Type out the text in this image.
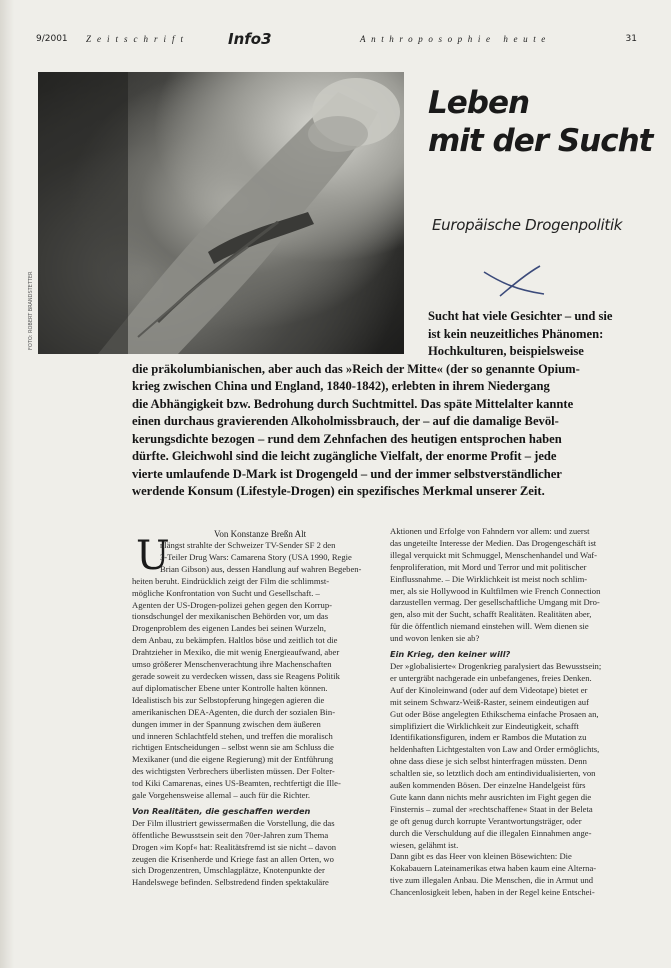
9/2001 Zeitschrift	Info3	Anthroposophie heute	31
FOTO: ROBERT BRANDSTETTER
Leben
mit der Sucht
Europäische Drogenpolitik
Sucht hat viele Gesichter – und sie
ist kein neuzeitliches Phänomen:
Hochkulturen, beispielsweise
die präkolumbianischen, aber auch das »Reich der Mitte« (der so genannte Opium-
krieg zwischen China und England, 1840-1842), erlebten in ihrem Niedergang
die Abhängigkeit bzw. Bedrohung durch Suchtmittel. Das späte Mittelalter kannte
einen durchaus gravierenden Alkoholmissbrauch, der – auf die damalige Bevöl-
kerungsdichte bezogen – rund dem Zehnfachen des heutigen entsprochen haben
dürfte. Gleichwohl sind die leicht zugängliche Vielfalt, der enorme Profit – jede
vierte umlaufende D-Mark ist Drogengeld – und der immer selbstverständlicher
werdende Konsum (Lifestyle-Drogen) ein spezifisches Merkmal unserer Zeit.
Von Konstanze Breßn Alt
U
nlängst strahlte der Schweizer TV-Sender SF 2 den
3-Teiler Drug Wars: Camarena Story (USA 1990, Regie
Brian Gibson) aus, dessen Handlung auf wahren Begeben-
heiten beruht. Eindrücklich zeigt der Film die schlimmst-
mögliche Konfrontation von Sucht und Gesellschaft. –
Agenten der US-Drogen-polizei gehen gegen den Korrup-
tionsdschungel der mexikanischen Behörden vor, um das
Drogenproblem des eigenen Landes bei seinen Wurzeln,
dem Anbau, zu bekämpfen. Haltlos böse und zeitlich tot die
Drahtzieher in Mexiko, die mit wenig Energieaufwand, aber
umso größerer Menschenverachtung ihre Machenschaften
gerade soweit zu verdecken wissen, dass sie Reagens Politik
auf diplomatischer Ebene unter Kontrolle halten können.
Idealistisch bis zur Selbstopferung hingegen agieren die
amerikanischen DEA-Agenten, die durch der sozialen Bin-
dungen immer in der Spannung zwischen dem äußeren
und inneren Schlachtfeld stehen, und treffen die moralisch
richtigen Entscheidungen – selbst wenn sie am Schluss die
Mexikaner (und die eigene Regierung) mit der Entführung
des wichtigsten Verbrechers überlisten müssen. Der Folter-
tod Kiki Camarenas, eines US-Beamten, rechtfertigt die Ille-
gale Vorgehensweise allemal – auch für die Richter.

Von Realitäten, die geschaffen werden

Der Film illustriert gewissermaßen die Vorstellung, die das
öffentliche Bewusstsein seit den 70er-Jahren zum Thema
Drogen »im Kopf« hat: Realitätsfremd ist sie nicht – davon
zeugen die Krisenherde und Kriege fast an allen Orten, wo
sich Drogenzentren, Umschlagplätze, Knotenpunkte der
Handelswege befinden. Selbstredend finden spektakuläre
Aktionen und Erfolge von Fahndern vor allem: und zuerst
das ungeteilte Interesse der Medien. Das Drogengeschäft ist
illegal verquickt mit Schmuggel, Menschenhandel und Waf-
fenproliferation, mit Mord und Terror und mit politischer
Einflussnahme. – Die Wirklichkeit ist meist noch schlim-
mer, als sie Hollywood in Kultfilmen wie French Connection
darzustellen vermag. Der gesellschaftliche Umgang mit Dro-
gen, also mit der Sucht, schafft Realitäten. Realitäten aber,
für die öffentlich niemand einstehen will. Wem dienen sie
und wovon lenken sie ab?

Ein Krieg, den keiner will?

Der »globalisierte« Drogenkrieg paralysiert das Bewusstsein;
er untergräbt nachgerade ein unbefangenes, freies Denken.
Auf der Kinoleinwand (oder auf dem Videotape) bietet er
mit seinem Schwarz-Weiß-Raster, seinem eindeutigen auf
Gut oder Böse angelegten Ethikschema einfache Prosaen an,
simplifiziert die Wirklichkeit zur Eindeutigkeit, schafft
Identifikationsfiguren, indem er Rambos die Mutation zu
heldenhaften Lichtgestalten von Law and Order ermöglichts,
ohne dass diese je sich selbst hinterfragen müssten. Denn
schaltlen sie, so letztlich doch am entindividualisierten, von
außen kommenden Bösen. Der einzelne Handelgeist fürs
Gute kann dann nichts mehr ausrichten im Fight gegen die
Finsternis – zumal der »rechtschaffene« Staat in der Beleta
ge oft genug durch korrupte Verantwortungsträger, oder
durch die Verschuldung auf die illegalen Einnahmen ange-
wiesen, gelähmt ist.
Dann gibt es das Heer von kleinen Bösewichten: Die
Kokabauern Lateinamerikas etwa haben kaum eine Alterna-
tive zum illegalen Anbau. Die Menschen, die in Armut und
Chancenlosigkeit leben, haben in der Regel keine Entschei-
